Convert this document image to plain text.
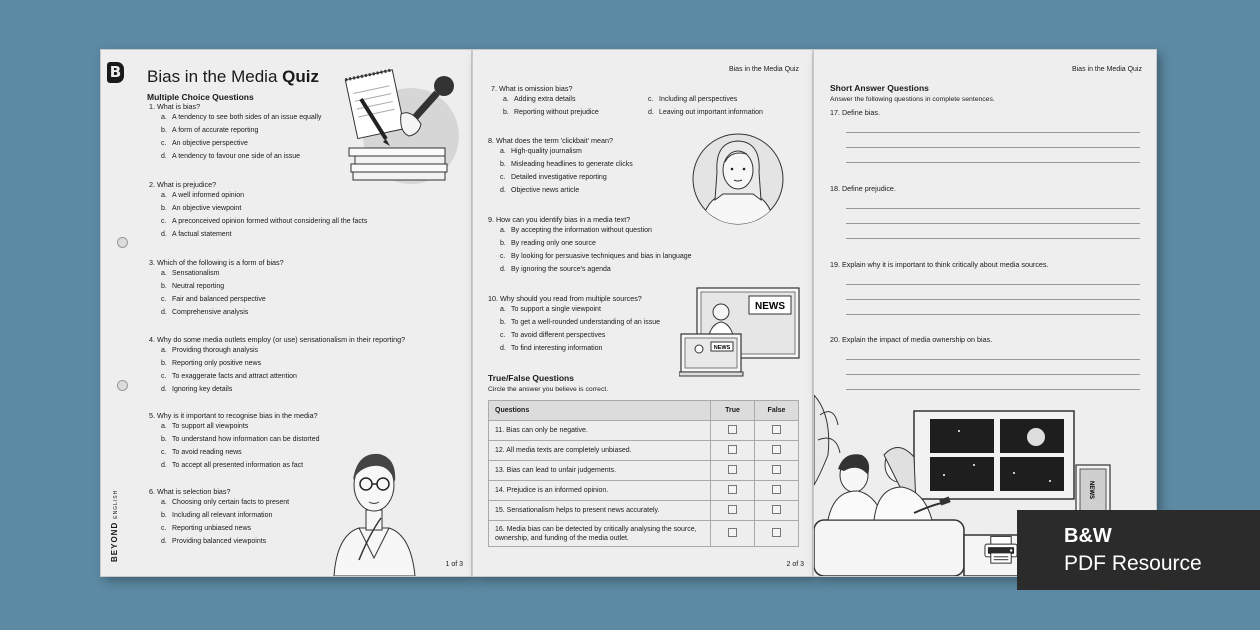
B Bias in the Media Quiz
Multiple Choice Questions
1. What is bias?
a. A tendency to see both sides of an issue equally
b. A form of accurate reporting
c. An objective perspective
d. A tendency to favour one side of an issue
2. What is prejudice?
a. A well informed opinion
b. An objective viewpoint
c. A preconceived opinion formed without considering all the facts
d. A factual statement
3. Which of the following is a form of bias?
a. Sensationalism
b. Neutral reporting
c. Fair and balanced perspective
d. Comprehensive analysis
4. Why do some media outlets employ (or use) sensationalism in their reporting?
a. Providing thorough analysis
b. Reporting only positive news
c. To exaggerate facts and attract attention
d. Ignoring key details
5. Why is it important to recognise bias in the media?
a. To support all viewpoints
b. To understand how information can be distorted
c. To avoid reading news
d. To accept all presented information as fact
6. What is selection bias?
a. Choosing only certain facts to present
b. Including all relevant information
c. Reporting unbiased news
d. Providing balanced viewpoints
BEYONDENGLISH
1 of 3
Bias in the Media Quiz
7. What is omission bias?
a. Adding extra details	c. Including all perspectives
b. Reporting without prejudice	d. Leaving out important information
8. What does the term 'clickbait' mean?
a. High-quality journalism
b. Misleading headlines to generate clicks
c. Detailed investigative reporting
d. Objective news article
9. How can you identify bias in a media text?
a. By accepting the information without question
b. By reading only one source
c. By looking for persuasive techniques and bias in language
d. By ignoring the source's agenda
10. Why should you read from multiple sources?
a. To support a single viewpoint
b. To get a well-rounded understanding of an issue
c. To avoid different perspectives
d. To find interesting information
NEWS
NEWS
True/False Questions
Circle the answer you believe is correct.
Questions	True	False
11. Bias can only be negative.		
12. All media texts are completely unbiased.		
13. Bias can lead to unfair judgements.		
14. Prejudice is an informed opinion.		
15. Sensationalism helps to present news accurately.		
16. Media bias can be detected by critically analysing the source, ownership, and funding of the media outlet.		
2 of 3
Bias in the Media Quiz
Short Answer Questions
Answer the following questions in complete sentences.
17. Define bias.
18. Define prejudice.
19. Explain why it is important to think critically about media sources.
20. Explain the impact of media ownership on bias.
NEWS
B&W
PDF Resource
